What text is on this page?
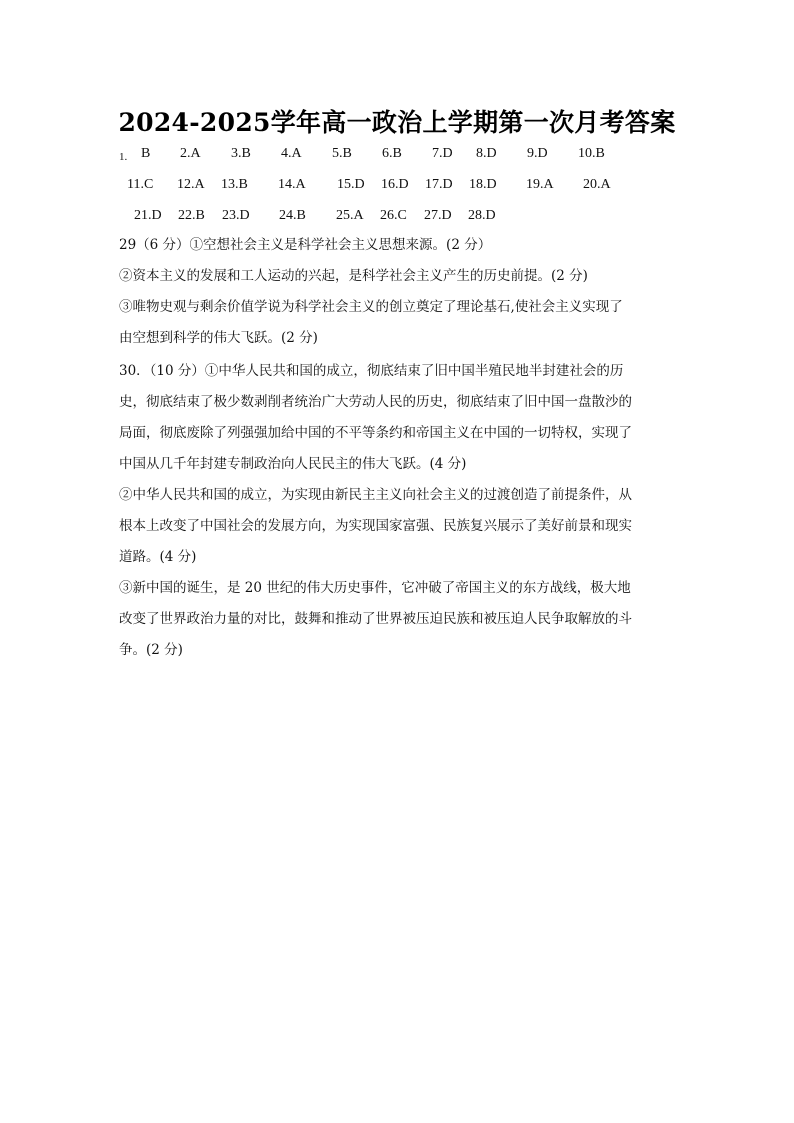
2024-2025学年高一政治上学期第一次月考答案
1. B 2.A 3.B 4.A 5.B 6.B 7.D 8.D 9.D 10.B
11.C 12.A 13.B 14.A 15.D 16.D 17.D 18.D 19.A 20.A
21.D 22.B 23.D 24.B 25.A 26.C 27.D 28.D
29（6 分）①空想社会主义是科学社会主义思想来源。(2 分）
②资本主义的发展和工人运动的兴起，是科学社会主义产生的历史前提。(2 分)
③唯物史观与剩余价值学说为科学社会主义的创立奠定了理论基石,使社会主义实现了
由空想到科学的伟大飞跃。(2 分)
30．（10 分）①中华人民共和国的成立，彻底结束了旧中国半殖民地半封建社会的历
史，彻底结束了极少数剥削者统治广大劳动人民的历史，彻底结束了旧中国一盘散沙的
局面，彻底废除了列强强加给中国的不平等条约和帝国主义在中国的一切特权，实现了
中国从几千年封建专制政治向人民民主的伟大飞跃。(4 分)
②中华人民共和国的成立，为实现由新民主主义向社会主义的过渡创造了前提条件，从
根本上改变了中国社会的发展方向，为实现国家富强、民族复兴展示了美好前景和现实
道路。(4 分)
③新中国的诞生，是 20 世纪的伟大历史事件，它冲破了帝国主义的东方战线，极大地
改变了世界政治力量的对比，鼓舞和推动了世界被压迫民族和被压迫人民争取解放的斗
争。(2 分)
